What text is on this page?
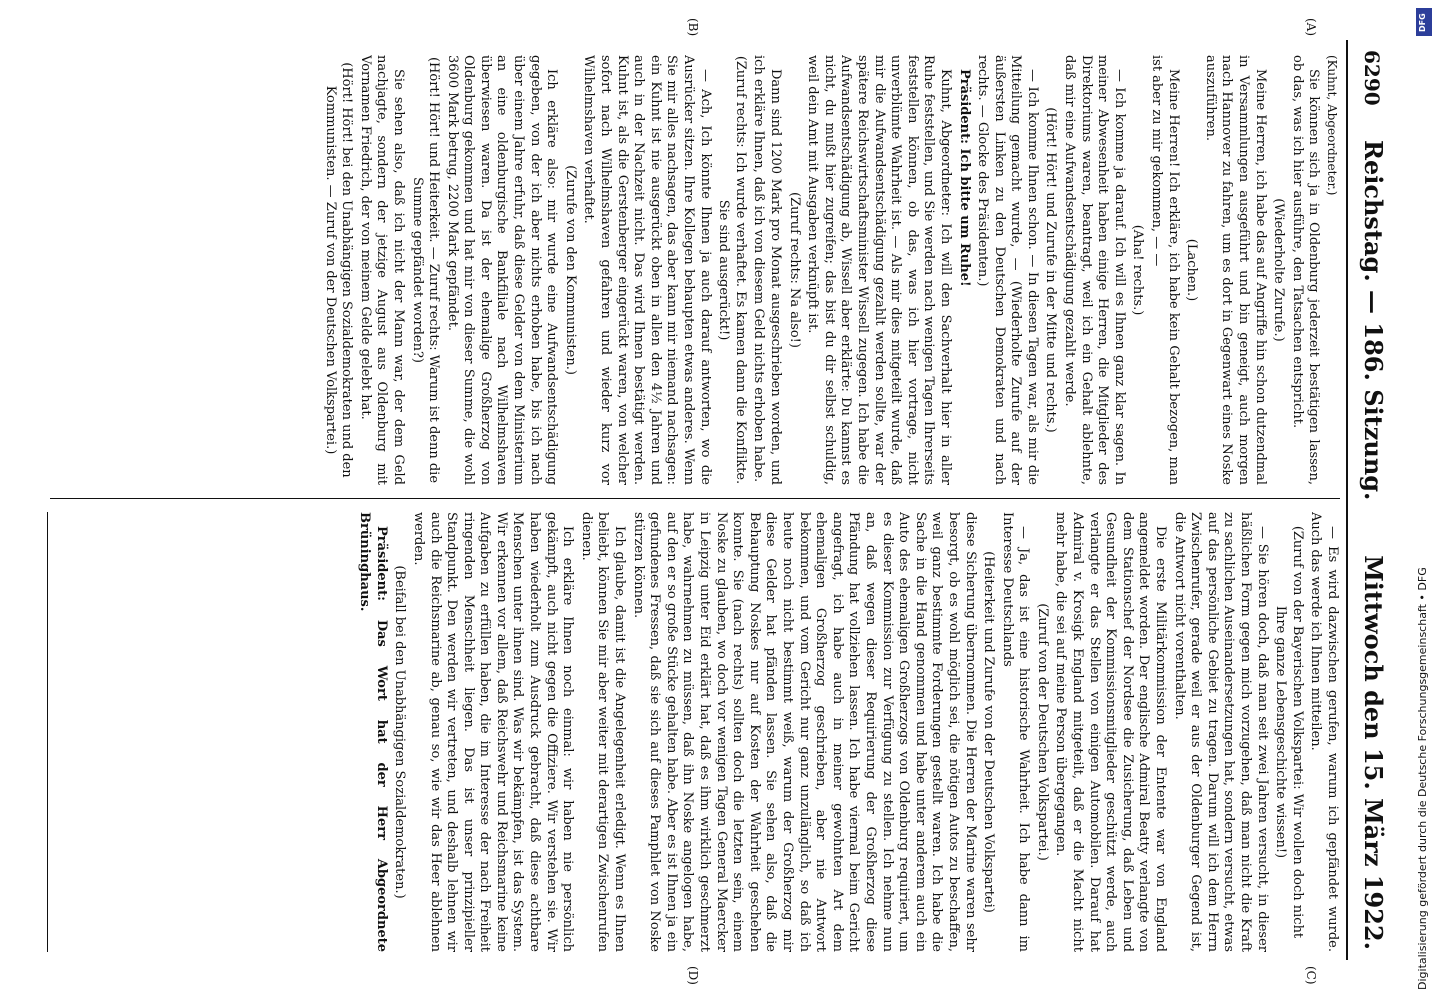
6290
Reichstag. — 186. Sitzung.
Mittwoch den 15. März 1922.
(A)
(B)
(C)
(D)

(Kuhnt, Abgeordneter.)

Sie können sich ja in Oldenburg jederzeit bestätigen lassen, ob das, was ich hier ausführe, den Tatsachen entspricht.

(Wiederholte Zurufe.)

Meine Herren, ich habe das auf Angriffe hin schon dutzendmal in Versammlungen ausgeführt und bin geneigt, auch morgen nach Hannover zu fahren, um es dort in Gegenwart eines Noske auszuführen.

(Lachen.)

Meine Herren! Ich erkläre, ich habe kein Gehalt bezogen, man ist aber zu mir gekommen, — —

(Aha! rechts.)

— Ich komme ja darauf. Ich will es Ihnen ganz klar sagen. In meiner Abwesenheit haben einige Herren, die Mitglieder des Direktoriums waren, beantragt, weil ich ein Gehalt ablehnte, daß mir eine Aufwandsentschädigung gezahlt werde.

(Hört! Hört! und Zurufe in der Mitte und rechts.)

— Ich komme Ihnen schon. — In diesen Tagen war, als mir die Mitteilung gemacht wurde, — (Wiederholte Zurufe auf der äußersten Linken zu den Deutschen Demokraten und nach rechts. — Glocke des Präsidenten.)

Präsident: Ich bitte um Ruhe!

Kuhnt, Abgeordneter: Ich will den Sachverhalt hier in aller Ruhe feststellen, und Sie werden nach wenigen Tagen Ihrerseits feststellen können, ob das, was ich hier vortrage, nicht unverblümte Wahrheit ist. — Als mir dies mitgeteilt wurde, daß mir die Aufwandsentschädigung gezahlt werden sollte, war der spätere Reichswirtschaftsminister Wissell zugegen. Ich habe die Aufwandsentschädigung ab, Wissell aber erklärte: Du kannst es nicht, du mußt hier zugreifen; das bist du dir selbst schuldig, weil dein Amt mit Ausgaben verknüpft ist.

(Zuruf rechts: Na also!)

Dann sind 1200 Mark pro Monat ausgeschrieben worden, und ich erkläre Ihnen, daß ich von diesem Geld nichts erhoben habe.

(Zuruf rechts: Ich wurde verhaftet. Es kamen dann die Konflikte. Sie sind ausgerückt!)

— Ach, Ich könnte Ihnen ja auch darauf antworten, wo die Ausrücker sitzen. Ihre Kollegen behaupten etwas anderes. Wenn Sie mir alles nachsagen, das aber kann mir niemand nachsagen: ein Kuhnt ist nie ausgerückt oben in allen den 4½ Jahren und auch in der Nachzeit nicht. Das wird Ihnen bestätigt werden. Kuhnt ist, als die Gerstenberger eingerückt waren, von welcher sofort nach Wilhelmshaven gefahren und wieder kurz vor Wilhelmshaven verhaftet.

(Zurufe von den Kommunisten.)

Ich erkläre also: mir wurde eine Aufwandsentschädigung gegeben, von der ich aber nichts erhoben habe, bis ich nach über einem Jahre erfuhr, daß diese Gelder von dem Ministerium an eine oldenburgische Bankfiliale nach Wilhelmshaven überwiesen waren. Da ist der ehemalige Großherzog von Oldenburg gekommen und hat mir von dieser Summe, die wohl 3600 Mark betrug, 2200 Mark gepfändet.

(Hört! Hört! und Heiterkeit. — Zuruf rechts: Warum ist denn die Summe gepfändet worden?)

Sie sehen also, daß ich nicht der Mann war, der dem Geld nachjagte, sondern der jetzige August aus Oldenburg mit Vornamen Friedrich, der von meinem Gelde gelebt hat.

(Hört! Hört! bei den Unabhängigen Sozialdemokraten und den Kommunisten. — Zuruf von der Deutschen Volkspartei.)

— Es wird dazwischen gerufen, warum ich gepfändet wurde. Auch das werde ich Ihnen mitteilen.

(Zuruf von der Bayerischen Volkspartei: Wir wollen doch nicht Ihre ganze Lebensgeschichte wissen!)

— Sie hören doch, daß man seit zwei Jahren versucht, in dieser häßlichen Form gegen mich vorzugehen, daß man nicht die Kraft zu sachlichen Auseinandersetzungen hat, sondern versucht, etwas auf das persönliche Gebiet zu tragen. Darum will ich dem Herrn Zwischenrufer, gerade weil er aus der Oldenburger Gegend ist, die Antwort nicht vorenthalten.

Die erste Militärkommission der Entente war von England angemeldet worden. Der englische Admiral Beatty verlangte von dem Stationschef der Nordsee die Zusicherung, daß Leben und Gesundheit der Kommissionsmitglieder geschützt werde, auch verlangte er das Stellen von einigen Automobilen. Darauf hat Admiral v. Krosigk England mitgeteilt, daß er die Macht nicht mehr habe, die sei auf meine Person übergegangen.

(Zuruf von der Deutschen Volkspartei.)

— Ja, das ist eine historische Wahrheit. Ich habe dann im Interesse Deutschlands

(Heiterkeit und Zurufe von der Deutschen Volkspartei)

diese Sicherung übernommen. Die Herren der Marine waren sehr besorgt, ob es wohl möglich sei, die nötigen Autos zu beschaffen, weil ganz bestimmte Forderungen gestellt waren. Ich habe die Sache in die Hand genommen und habe unter anderem auch ein Auto des ehemaligen Großherzogs von Oldenburg requiriert, um es dieser Kommission zur Verfügung zu stellen. Ich nehme nun an, daß wegen dieser Requirierung der Großherzog diese Pfändung hat vollziehen lassen. Ich habe viermal beim Gericht angefragt, ich habe auch in meiner gewohnten Art dem ehemaligen Großherzog geschrieben, aber nie Antwort bekommen, und vom Gericht nur ganz unzulänglich, so daß ich heute noch nicht bestimmt weiß, warum der Großherzog mir diese Gelder hat pfänden lassen. Sie sehen also, daß die Behauptung Noskes nur auf Kosten der Wahrheit geschehen konnte. Sie (nach rechts) sollten doch die letzten sein, einem Noske zu glauben, wo doch vor wenigen Tagen General Maercker in Leipzig unter Eid erklärt hat, daß es ihm wirklich geschmerzt habe, wahrnehmen zu müssen, daß ihn Noske angelogen habe, auf den er so große Stücke gehalten habe. Aber es ist Ihnen ja ein gefundenes Fressen, daß sie sich auf dieses Pamphlet von Noske stürzen können.

Ich glaube, damit ist die Angelegenheit erledigt. Wenn es Ihnen beliebt, können Sie mir aber weiter mit derartigen Zwischenrufen dienen.

Ich erkläre Ihnen noch einmal: wir haben nie persönlich gekämpft, auch nicht gegen die Offiziere. Wir verstehen sie. Wir haben wiederholt zum Ausdruck gebracht, daß diese achtbare Menschen unter ihnen sind. Was wir bekämpfen, ist das System. Wir erkennen vor allem, daß Reichswehr und Reichsmarine keine Aufgaben zu erfüllen haben, die im Interesse der nach Freiheit ringenden Menschheit liegen. Das ist unser prinzipieller Standpunkt. Den werden wir vertreten, und deshalb lehnen wir auch die Reichsmarine ab, genau so, wie wir das Heer ablehnen werden.

(Beifall bei den Unabhängigen Sozialdemokraten.)

Präsident: Das Wort hat der Herr Abgeordnete Brüninghaus.

Digitalisierung gefördert durch die Deutsche Forschungsgemeinschaft • DFG
DFG
